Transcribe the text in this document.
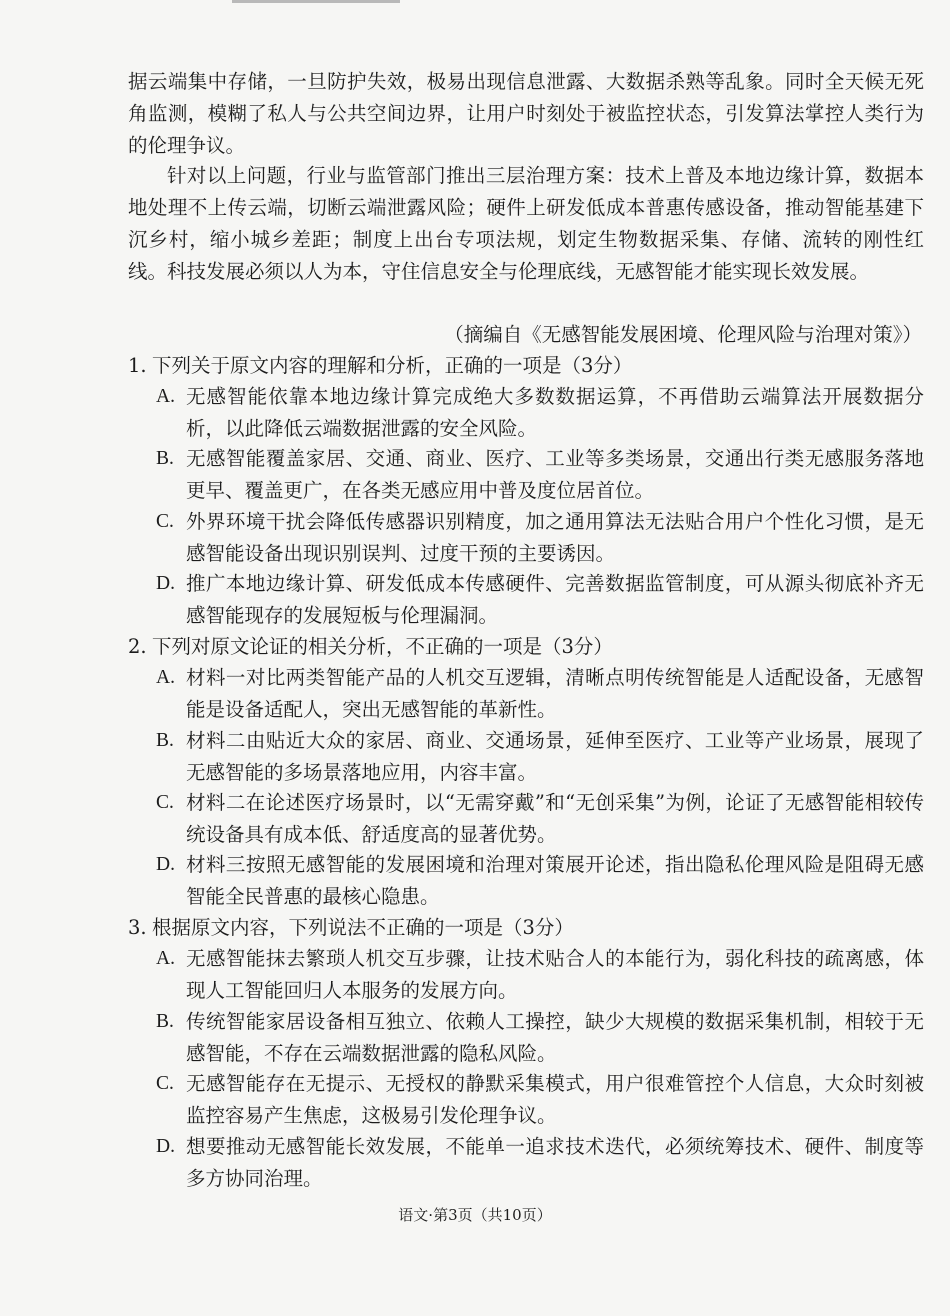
据云端集中存储，一旦防护失效，极易出现信息泄露、大数据杀熟等乱象。同时全天候无死角监测，模糊了私人与公共空间边界，让用户时刻处于被监控状态，引发算法掌控人类行为的伦理争议。

针对以上问题，行业与监管部门推出三层治理方案：技术上普及本地边缘计算，数据本地处理不上传云端，切断云端泄露风险；硬件上研发低成本普惠传感设备，推动智能基建下沉乡村，缩小城乡差距；制度上出台专项法规，划定生物数据采集、存储、流转的刚性红线。科技发展必须以人为本，守住信息安全与伦理底线，无感智能才能实现长效发展。

（摘编自《无感智能发展困境、伦理风险与治理对策》）

1. 下列关于原文内容的理解和分析，正确的一项是（3分）
A. 无感智能依靠本地边缘计算完成绝大多数数据运算，不再借助云端算法开展数据分析，以此降低云端数据泄露的安全风险。
B. 无感智能覆盖家居、交通、商业、医疗、工业等多类场景，交通出行类无感服务落地更早、覆盖更广，在各类无感应用中普及度位居首位。
C. 外界环境干扰会降低传感器识别精度，加之通用算法无法贴合用户个性化习惯，是无感智能设备出现识别误判、过度干预的主要诱因。
D. 推广本地边缘计算、研发低成本传感硬件、完善数据监管制度，可从源头彻底补齐无感智能现存的发展短板与伦理漏洞。
2. 下列对原文论证的相关分析，不正确的一项是（3分）
A. 材料一对比两类智能产品的人机交互逻辑，清晰点明传统智能是人适配设备，无感智能是设备适配人，突出无感智能的革新性。
B. 材料二由贴近大众的家居、商业、交通场景，延伸至医疗、工业等产业场景，展现了无感智能的多场景落地应用，内容丰富。
C. 材料二在论述医疗场景时，以“无需穿戴”和“无创采集”为例，论证了无感智能相较传统设备具有成本低、舒适度高的显著优势。
D. 材料三按照无感智能的发展困境和治理对策展开论述，指出隐私伦理风险是阻碍无感智能全民普惠的最核心隐患。
3. 根据原文内容，下列说法不正确的一项是（3分）
A. 无感智能抹去繁琐人机交互步骤，让技术贴合人的本能行为，弱化科技的疏离感，体现人工智能回归人本服务的发展方向。
B. 传统智能家居设备相互独立、依赖人工操控，缺少大规模的数据采集机制，相较于无感智能，不存在云端数据泄露的隐私风险。
C. 无感智能存在无提示、无授权的静默采集模式，用户很难管控个人信息，大众时刻被监控容易产生焦虑，这极易引发伦理争议。
D. 想要推动无感智能长效发展，不能单一追求技术迭代，必须统筹技术、硬件、制度等多方协同治理。

语文·第3页（共10页）
